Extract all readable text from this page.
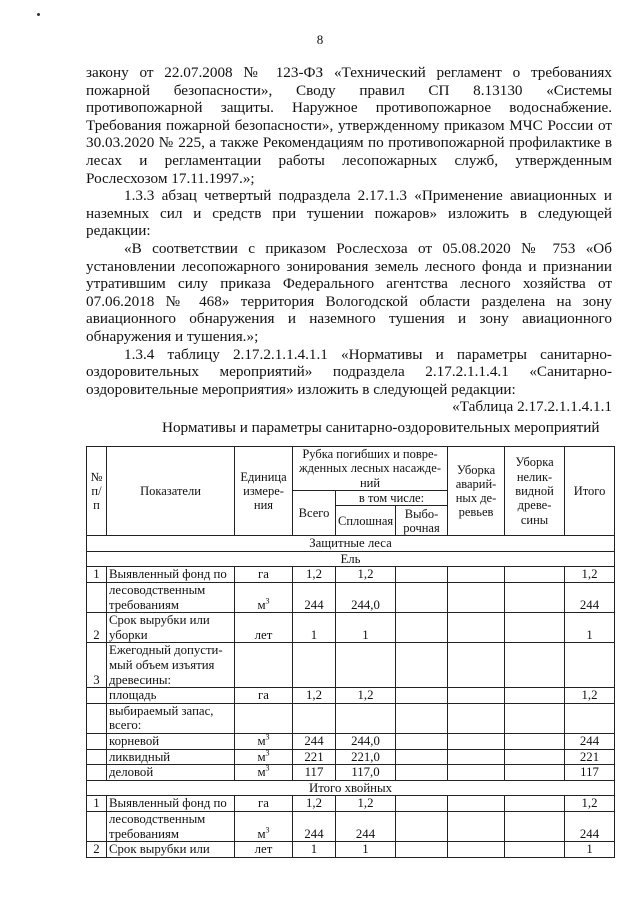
8

закону от 22.07.2008 № 123-ФЗ «Технический регламент о требованиях пожарной безопасности», Своду правил СП 8.13130 «Системы противопожарной защиты. Наружное противопожарное водоснабжение. Требования пожарной безопасности», утвержденному приказом МЧС России от 30.03.2020 № 225, а также Рекомендациям по противопожарной профилактике в лесах и регламентации работы лесопожарных служб, утвержденным Рослесхозом 17.11.1997.»;

1.3.3 абзац четвертый подраздела 2.17.1.3 «Применение авиационных и наземных сил и средств при тушении пожаров» изложить в следующей редакции:

«В соответствии с приказом Рослесхоза от 05.08.2020 № 753 «Об установлении лесопожарного зонирования земель лесного фонда и признании утратившим силу приказа Федерального агентства лесного хозяйства от 07.06.2018 № 468» территория Вологодской области разделена на зону авиационного обнаружения и наземного тушения и зону авиационного обнаружения и тушения.»;

1.3.4 таблицу 2.17.2.1.1.4.1.1 «Нормативы и параметры санитарно-оздоровительных мероприятий» подраздела 2.17.2.1.1.4.1 «Санитарно-оздоровительные мероприятия» изложить в следующей редакции:

«Таблица 2.17.2.1.1.4.1.1

Нормативы и параметры санитарно-оздоровительных мероприятий

№ п/п	Показатели	Единица измере-ния	Рубка погибших и повре-жденных лесных насажде-ний			Уборка аварий-ных де-ревьев	Уборка нелик-видной древе-сины	Итого
			Всего	в том числе:				
				Сплошная	Выбо-рочная			
Защитные леса								
Ель								
1	Выявленный фонд по	га	1,2	1,2				1,2
	лесоводственным требованиям	$м^3$	244	244,0				244
2	Срок вырубки или уборки	лет	1	1				1
3	Ежегодный допусти-мый объем изъятия древесины:							
	площадь	га	1,2	1,2				1,2
	выбираемый запас, всего:							
	корневой	$м^3$	244	244,0				244
	ликвидный	$м^3$	221	221,0				221
	деловой	$м^3$	117	117,0				117
Итого хвойных								
1	Выявленный фонд по	га	1,2	1,2				1,2
	лесоводственным требованиям	$м^3$	244	244				244
2	Срок вырубки или	лет	1	1				1
